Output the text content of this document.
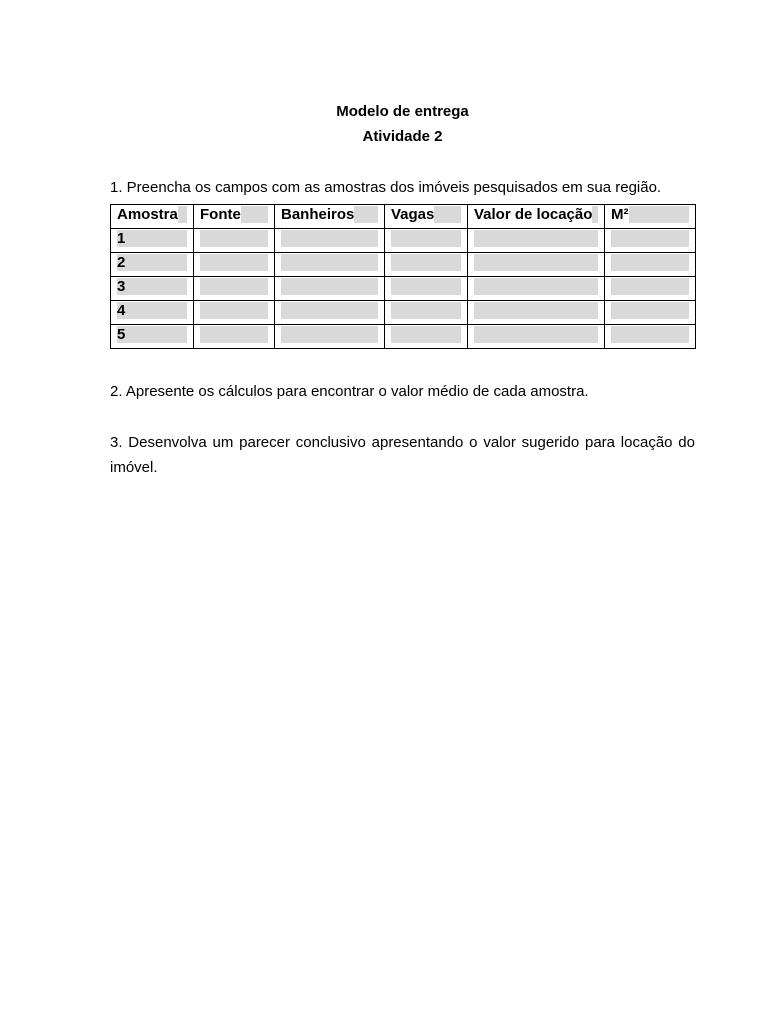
Modelo de entrega
Atividade 2
1. Preencha os campos com as amostras dos imóveis pesquisados em sua região.
Amostra	Fonte	Banheiros	Vagas	Valor de locação	M²

1					

2					

3					

4					

5					

2. Apresente os cálculos para encontrar o valor médio de cada amostra.
3. Desenvolva um parecer conclusivo apresentando o valor sugerido para locação do imóvel.
